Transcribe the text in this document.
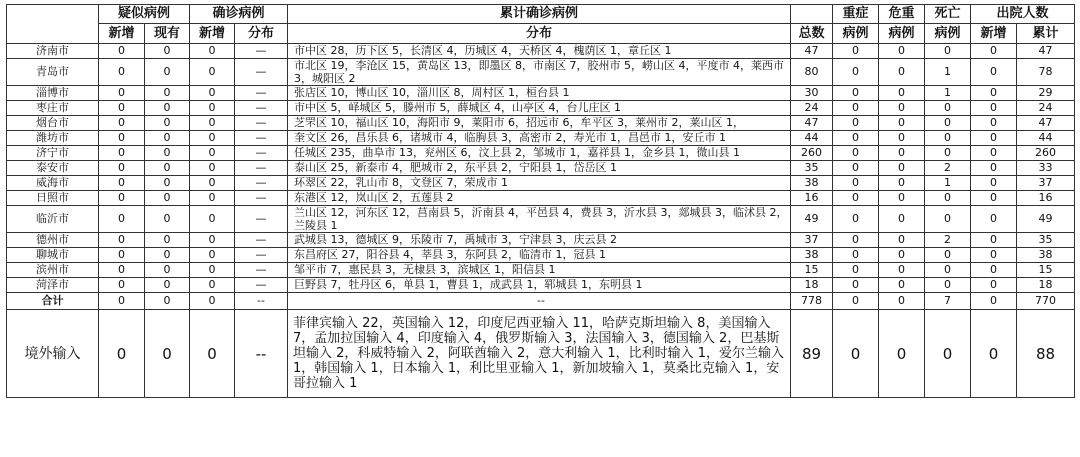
	疑似病例		确诊病例		累计确诊病例		重症	危重	死亡	出院人数	
	新增	现有	新增	分布	分布	总数	病例	病例	病例	新增	累计
济南市	0	0	0	—	市中区 28，历下区 5，长清区 4，历城区 4，天桥区 4，槐荫区 1，章丘区 1	47	0	0	0	0	47
青岛市	0	0	0	—	市北区 19，李沧区 15，黄岛区 13，即墨区 8，市南区 7，胶州市 5，崂山区 4，平度市 4，莱西市 3，城阳区 2	80	0	0	1	0	78
淄博市	0	0	0	—	张店区 10，博山区 10，淄川区 8，周村区 1，桓台县 1	30	0	0	1	0	29
枣庄市	0	0	0	—	市中区 5，峄城区 5，滕州市 5，薛城区 4，山亭区 4，台儿庄区 1	24	0	0	0	0	24
烟台市	0	0	0	—	芝罘区 10，福山区 10，海阳市 9，莱阳市 6，招远市 6，牟平区 3，莱州市 2，莱山区 1，	47	0	0	0	0	47
潍坊市	0	0	0	—	奎文区 26，昌乐县 6，诸城市 4，临朐县 3，高密市 2，寿光市 1，昌邑市 1，安丘市 1	44	0	0	0	0	44
济宁市	0	0	0	—	任城区 235，曲阜市 13，兖州区 6，汶上县 2，邹城市 1，嘉祥县 1，金乡县 1，微山县 1	260	0	0	0	0	260
泰安市	0	0	0	—	泰山区 25，新泰市 4，肥城市 2，东平县 2，宁阳县 1，岱岳区 1	35	0	0	2	0	33
威海市	0	0	0	—	环翠区 22，乳山市 8，文登区 7，荣成市 1	38	0	0	1	0	37
日照市	0	0	0	—	东港区 12，岚山区 2，五莲县 2	16	0	0	0	0	16
临沂市	0	0	0	—	兰山区 12，河东区 12，莒南县 5，沂南县 4，平邑县 4，费县 3，沂水县 3，郯城县 3，临沭县 2，兰陵县 1	49	0	0	0	0	49
德州市	0	0	0	—	武城县 13，德城区 9，乐陵市 7，禹城市 3，宁津县 3，庆云县 2	37	0	0	2	0	35
聊城市	0	0	0	—	东昌府区 27，阳谷县 4，莘县 3，东阿县 2，临清市 1，冠县 1	38	0	0	0	0	38
滨州市	0	0	0	—	邹平市 7，惠民县 3，无棣县 3，滨城区 1，阳信县 1	15	0	0	0	0	15
菏泽市	0	0	0	—	巨野县 7，牡丹区 6，单县 1，曹县 1，成武县 1，郓城县 1，东明县 1	18	0	0	0	0	18
合计	0	0	0	--	--	778	0	0	7	0	770
境外输入	0	0	0	--	菲律宾输入 22，英国输入 12，印度尼西亚输入 11，哈萨克斯坦输入 8，美国输入 7，孟加拉国输入 4，印度输入 4，俄罗斯输入 3，法国输入 3，德国输入 2，巴基斯坦输入 2，科威特输入 2，阿联酋输入 2，意大利输入 1，比利时输入 1，爱尔兰输入 1，韩国输入 1，日本输入 1，利比里亚输入 1，新加坡输入 1，莫桑比克输入 1，安哥拉输入 1	89	0	0	0	0	88
